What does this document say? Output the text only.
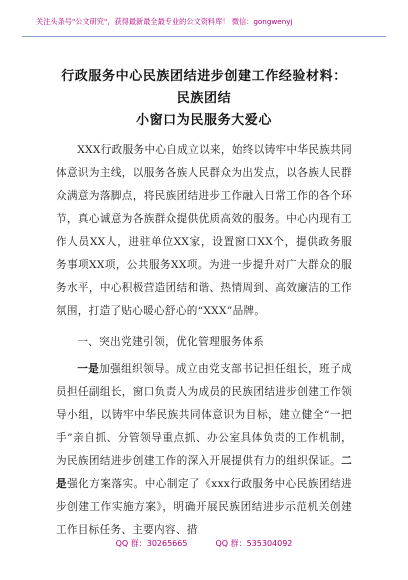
关注头条号"公文研究"，获得最新最全最专业的公文资料库！ 微信：gongwenyj
行政服务中心民族团结进步创建工作经验材料：民族团结
小窗口为民服务大爱心

XXX行政服务中心自成立以来，始终以铸牢中华民族共同体意识为主线，以服务各族人民群众为出发点，以各族人民群众满意为落脚点，将民族团结进步工作融入日常工作的各个环节，真心诚意为各族群众提供优质高效的服务。中心内现有工作人员XX人，进驻单位XX家，设置窗口XX个，提供政务服务事项XX项，公共服务XX项。为进一步提升对广大群众的服务水平，中心积极营造团结和谐、热情周到、高效廉洁的工作氛围，打造了贴心暖心舒心的“XXX”品牌。

一、突出党建引领，优化管理服务体系

一是加强组织领导。成立由党支部书记担任组长，班子成员担任副组长，窗口负责人为成员的民族团结进步创建工作领导小组，以铸牢中华民族共同体意识为目标，建立健全“一把手”亲自抓、分管领导重点抓、办公室具体负责的工作机制，为民族团结进步创建工作的深入开展提供有力的组织保证。二是强化方案落实。中心制定了《xxx行政服务中心民族团结进步创建工作实施方案》，明确开展民族团结进步示范机关创建工作目标任务、主要内容、措

QQ 群：30265665	QQ 群：535304092
